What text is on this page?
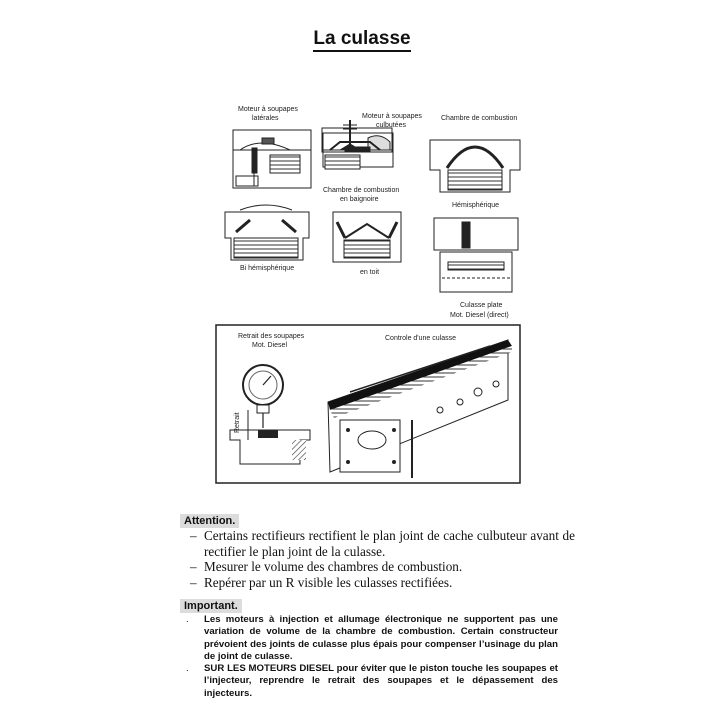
La culasse
Moteur à soupapes
latérales	Moteur à soupapes
culbutées
Chambre de combustion
Chambre de combustion
en baignoire
Bi hémisphérique
en toit
Hémisphérique
Culasse plate
Mot. Diesel (direct)
Retrait des soupapes
Mot. Diesel
Retrait
Controle d'une culasse
Attention.
– Certains rectifieurs rectifient le plan joint de cache culbuteur avant de rectifier le plan joint de la culasse.
– Mesurer le volume des chambres de combustion.
– Repérer par un R visible les culasses rectifiées.
Important.
. Les moteurs à injection et allumage électronique ne supportent pas une variation de volume de la chambre de combustion. Certain constructeur prévoient des joints de culasse plus épais pour compenser l’usinage du plan de joint de culasse.
. SUR LES MOTEURS DIESEL pour éviter que le piston touche les soupapes et l’injecteur, reprendre le retrait des soupapes et le dépassement des injecteurs.
